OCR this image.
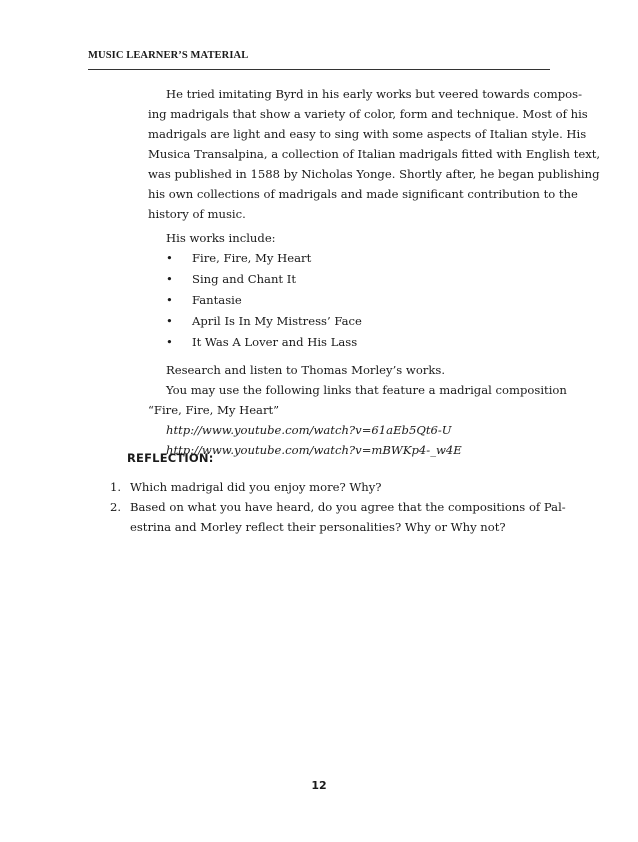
MUSIC LEARNER’S MATERIAL
He tried imitating Byrd in his early works but veered towards compos-
ing madrigals that show a variety of color, form and technique. Most of his
madrigals are light and easy to sing with some aspects of Italian style. His
Musica Transalpina, a collection of Italian madrigals fitted with English text,
was published in 1588 by Nicholas Yonge. Shortly after, he began publishing
his own collections of madrigals and made significant contribution to the
history of music.
His works include:
• Fire, Fire, My Heart
• Sing and Chant It
• Fantasie
• April Is In My Mistress’ Face
• It Was A Lover and His Lass
Research and listen to Thomas Morley’s works.
You may use the following links that feature a madrigal composition
“Fire, Fire, My Heart”
http://www.youtube.com/watch?v=61aEb5Qt6-U
http://www.youtube.com/watch?v=mBWKp4-_w4E
REFLECTION:
1. Which madrigal did you enjoy more? Why?
2. Based on what you have heard, do you agree that the compositions of Pal-
estrina and Morley reflect their personalities? Why or Why not?
12
